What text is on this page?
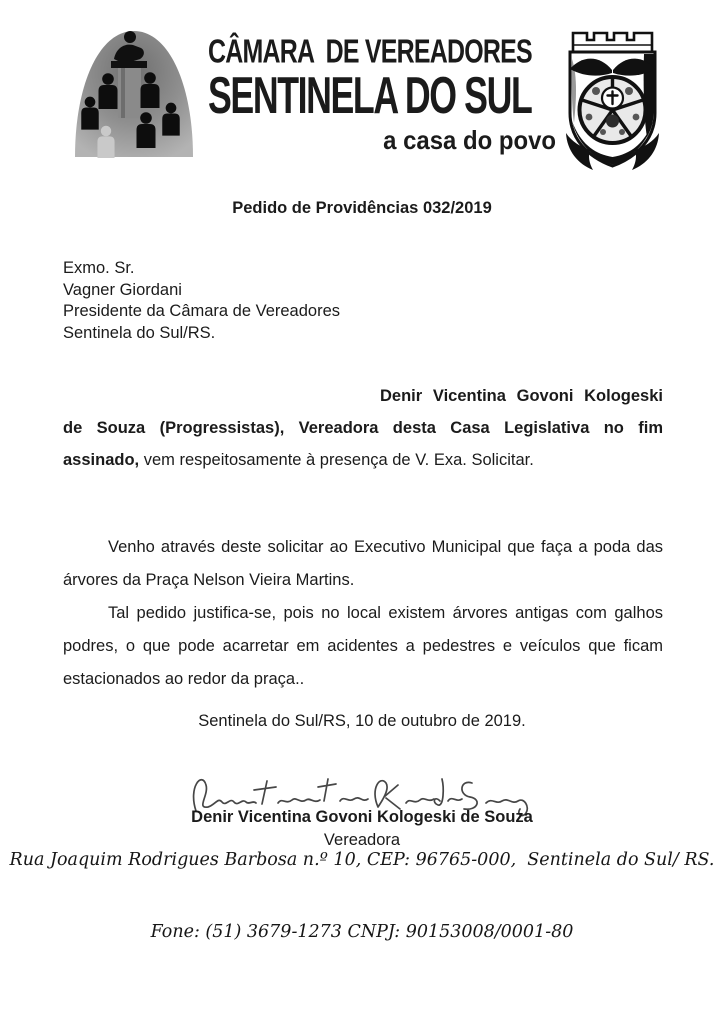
CÂMARA  DE VEREADORES
SENTINELA DO SUL
a casa do povo
Pedido de Providências 032/2019
Exmo. Sr.
Vagner Giordani
Presidente da Câmara de Vereadores
Sentinela do Sul/RS.

Denir Vicentina Govoni Kologeski de Souza (Progressistas), Vereadora desta Casa Legislativa no fim assinado, vem respeitosamente à presença de V. Exa. Solicitar.

Venho através deste solicitar ao Executivo Municipal que faça a poda das árvores da Praça Nelson Vieira Martins.

Tal pedido justifica-se, pois no local existem árvores antigas com galhos podres, o que pode acarretar em acidentes a pedestres e veículos que ficam estacionados ao redor da praça..

Sentinela do Sul/RS, 10 de outubro de 2019.
Denir Vicentina Govoni Kologeski de Souza
Vereadora

Rua Joaquim Rodrigues Barbosa n.º 10, CEP: 96765-000,  Sentinela do Sul/ RS.

Fone: (51) 3679-1273 CNPJ: 90153008/0001-80
